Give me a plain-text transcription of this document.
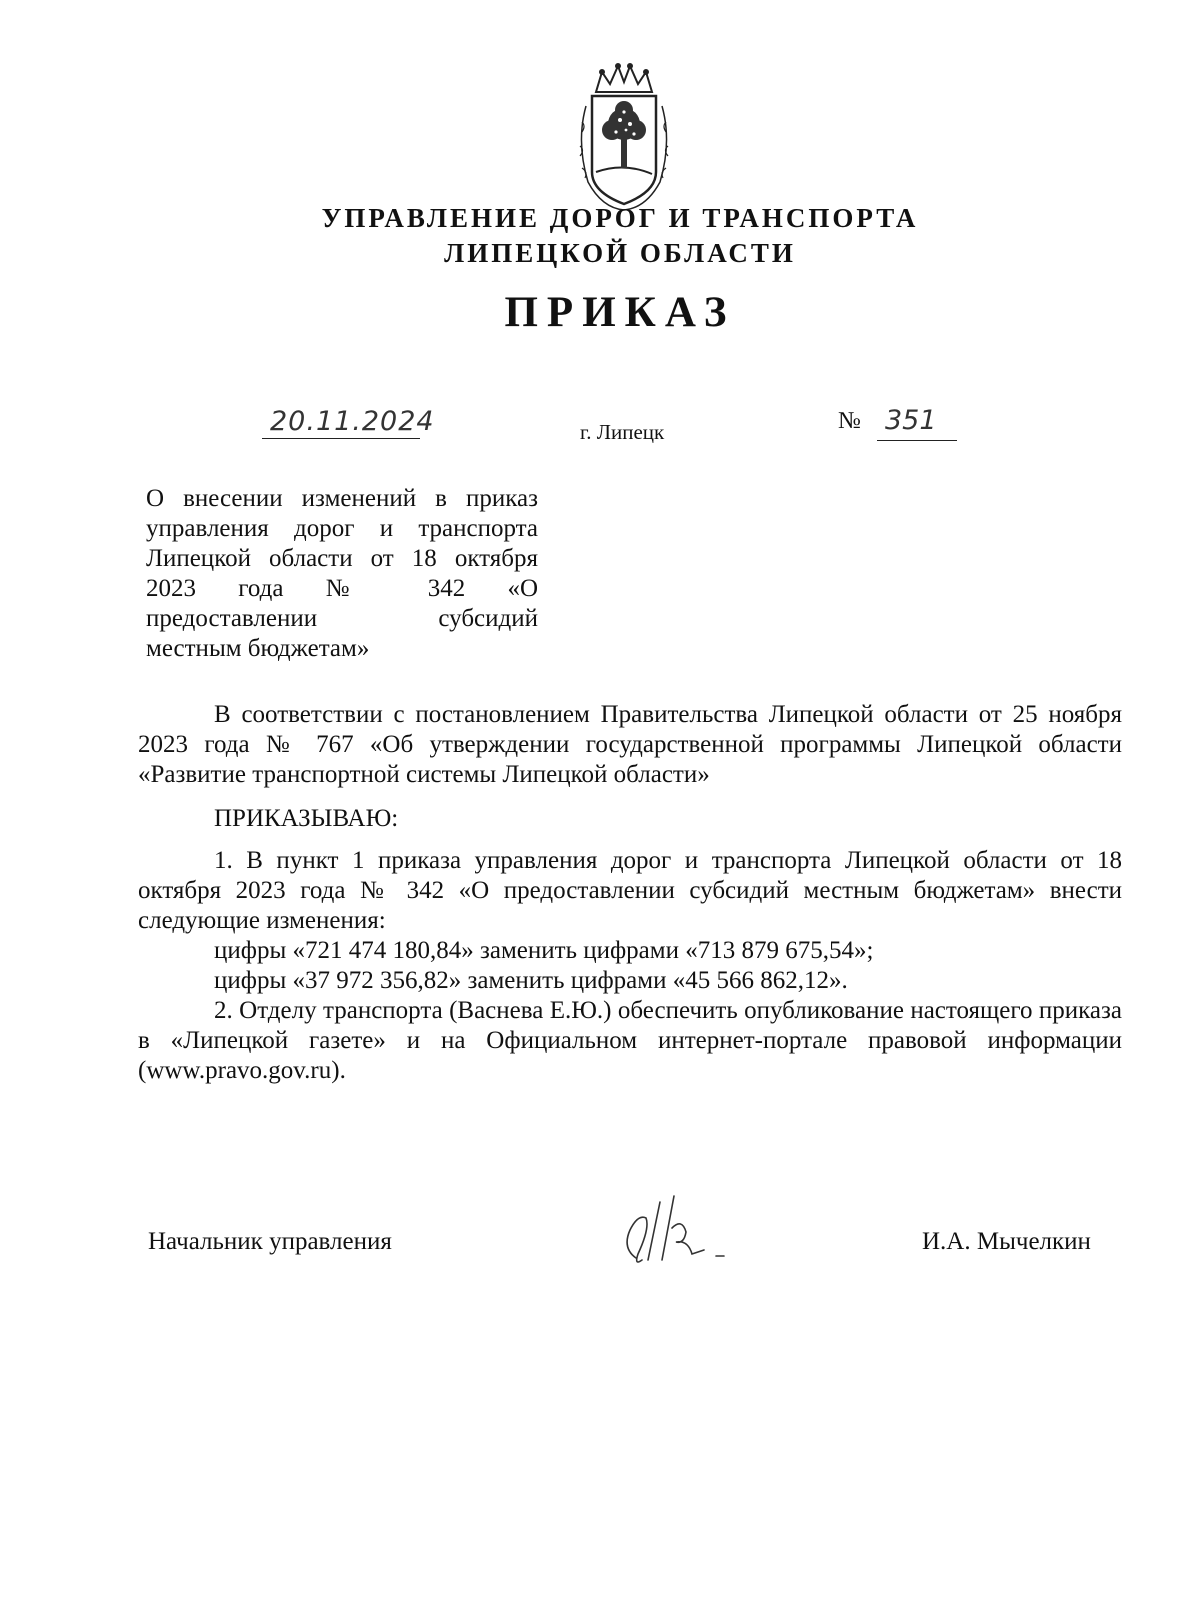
УПРАВЛЕНИЕ ДОРОГ И ТРАНСПОРТА
ЛИПЕЦКОЙ ОБЛАСТИ
ПРИКАЗ
20.11.2024	г. Липецк	№ 351

О внесении изменений в приказ

управления дорог и транспорта

Липецкой области от 18 октября

2023 года № 342 «О

предоставлении субсидий

местным бюджетам»

В соответствии с постановлением Правительства Липецкой области от 25 ноября 2023 года № 767 «Об утверждении государственной программы Липецкой области «Развитие транспортной системы Липецкой области»

ПРИКАЗЫВАЮ:

1. В пункт 1 приказа управления дорог и транспорта Липецкой области от 18 октября 2023 года № 342 «О предоставлении субсидий местным бюджетам» внести следующие изменения:

цифры «721 474 180,84» заменить цифрами «713 879 675,54»;

цифры «37 972 356,82» заменить цифрами «45 566 862,12».

2. Отделу транспорта (Васнева Е.Ю.) обеспечить опубликование настоящего приказа в «Липецкой газете» и на Официальном интернет-портале правовой информации (www.pravo.gov.ru).

Начальник управления	И.А. Мычелкин
